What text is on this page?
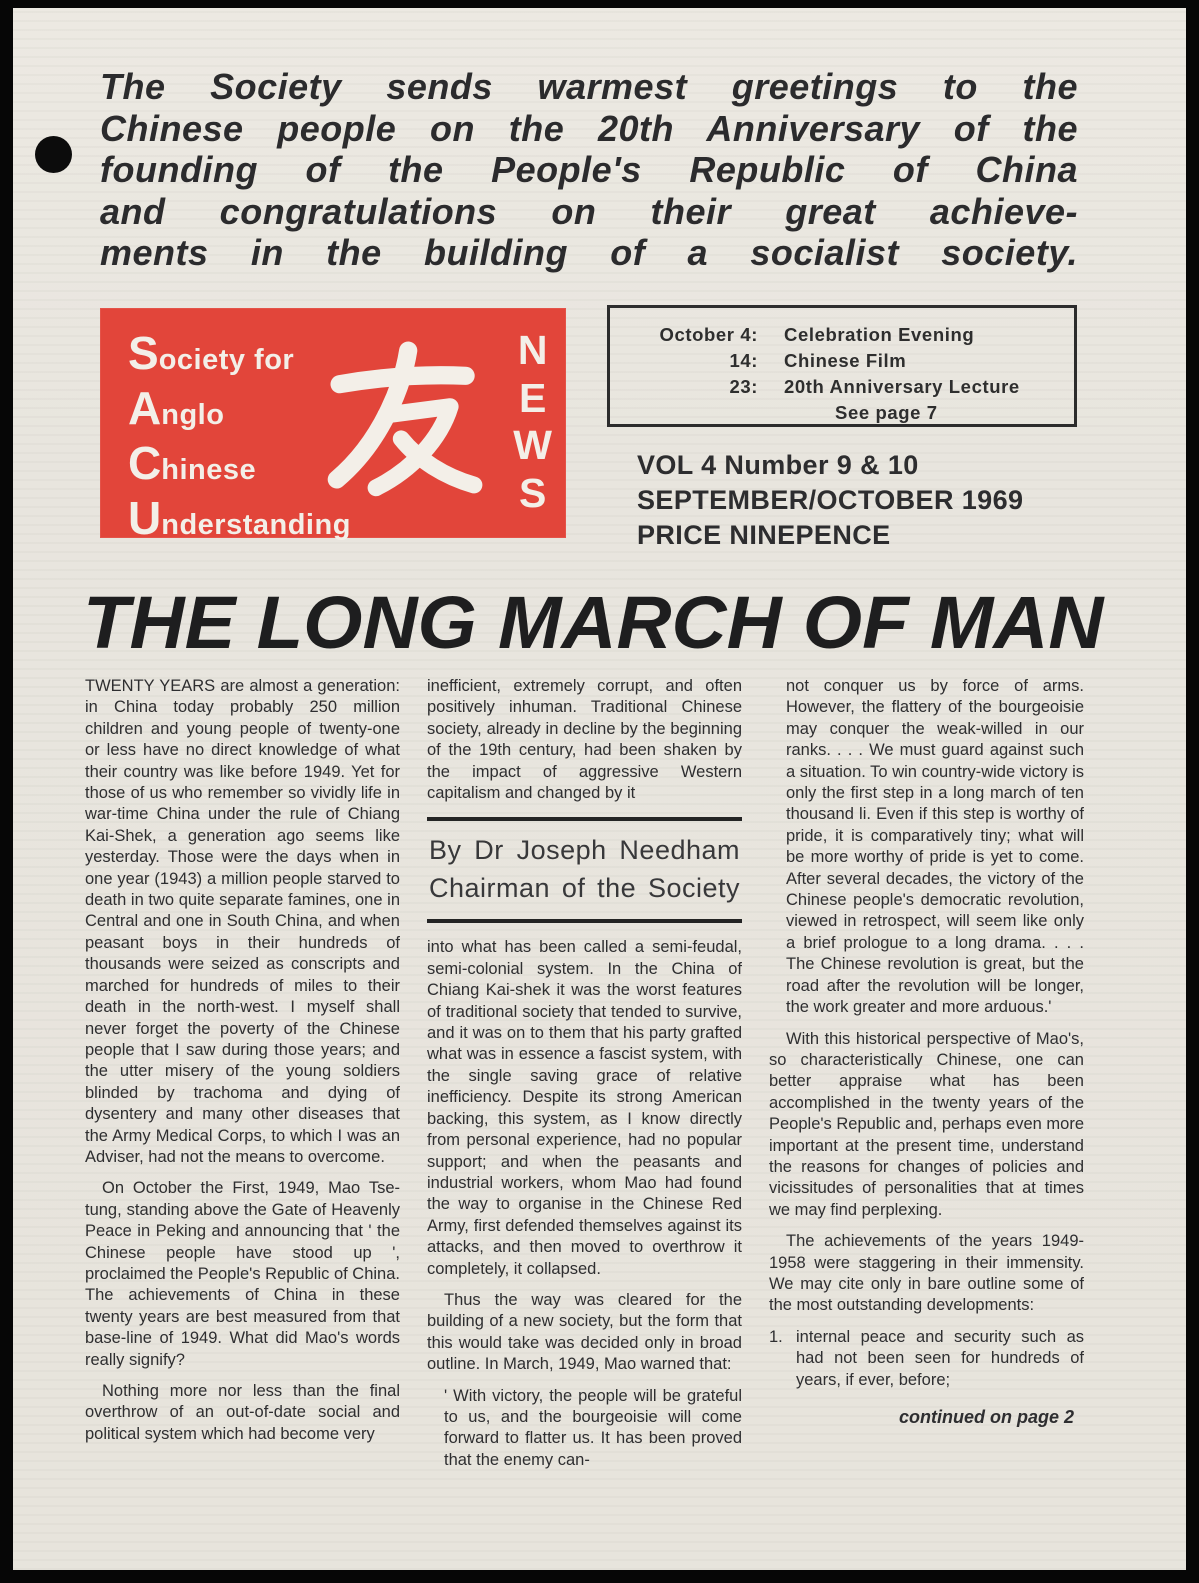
The Society sends warmest greetings to the
Chinese people on the 20th Anniversary of the
founding of the People's Republic of China
and congratulations on their great achieve-
ments in the building of a socialist society.
Society for
Anglo
Chinese
Understanding
N
E
W
S
October 4: Celebration Evening
14: Chinese Film
23: 20th Anniversary Lecture
See page 7
VOL 4 Number 9 & 10
SEPTEMBER/OCTOBER 1969
PRICE NINEPENCE
THE LONG MARCH OF MAN

TWENTY YEARS are almost a generation: in China today probably 250 million children and young people of twenty-one or less have no direct knowledge of what their country was like before 1949. Yet for those of us who remember so vividly life in war-time China under the rule of Chiang Kai-Shek, a generation ago seems like yesterday. Those were the days when in one year (1943) a million people starved to death in two quite separate famines, one in Central and one in South China, and when peasant boys in their hundreds of thousands were seized as conscripts and marched for hundreds of miles to their death in the north-west. I myself shall never forget the poverty of the Chinese people that I saw during those years; and the utter misery of the young soldiers blinded by trachoma and dying of dysentery and many other diseases that the Army Medical Corps, to which I was an Adviser, had not the means to overcome.

On October the First, 1949, Mao Tse-tung, standing above the Gate of Heavenly Peace in Peking and announcing that ' the Chinese people have stood up ', proclaimed the People's Republic of China. The achievements of China in these twenty years are best measured from that base-line of 1949. What did Mao's words really signify?

Nothing more nor less than the final overthrow of an out-of-date social and political system which had become very

inefficient, extremely corrupt, and often positively inhuman. Traditional Chinese society, already in decline by the beginning of the 19th century, had been shaken by the impact of aggressive Western capitalism and changed by it

By Dr Joseph Needham
Chairman of the Society

into what has been called a semi-feudal, semi-colonial system. In the China of Chiang Kai-shek it was the worst features of traditional society that tended to survive, and it was on to them that his party grafted what was in essence a fascist system, with the single saving grace of relative inefficiency. Despite its strong American backing, this system, as I know directly from personal experience, had no popular support; and when the peasants and industrial workers, whom Mao had found the way to organise in the Chinese Red Army, first defended themselves against its attacks, and then moved to overthrow it completely, it collapsed.

Thus the way was cleared for the building of a new society, but the form that this would take was decided only in broad outline. In March, 1949, Mao warned that:

' With victory, the people will be grateful to us, and the bourgeoisie will come forward to flatter us. It has been proved that the enemy can-

not conquer us by force of arms. However, the flattery of the bourgeoisie may conquer the weak-willed in our ranks. . . . We must guard against such a situation. To win country-wide victory is only the first step in a long march of ten thousand li. Even if this step is worthy of pride, it is comparatively tiny; what will be more worthy of pride is yet to come. After several decades, the victory of the Chinese people's democratic revolution, viewed in retrospect, will seem like only a brief prologue to a long drama. . . . The Chinese revolution is great, but the road after the revolution will be longer, the work greater and more arduous.'

With this historical perspective of Mao's, so characteristically Chinese, one can better appraise what has been accomplished in the twenty years of the People's Republic and, perhaps even more important at the present time, understand the reasons for changes of policies and vicissitudes of personalities that at times we may find perplexing.

The achievements of the years 1949-1958 were staggering in their immensity. We may cite only in bare outline some of the most outstanding developments:

1. internal peace and security such as had not been seen for hundreds of years, if ever, before;
continued on page 2
